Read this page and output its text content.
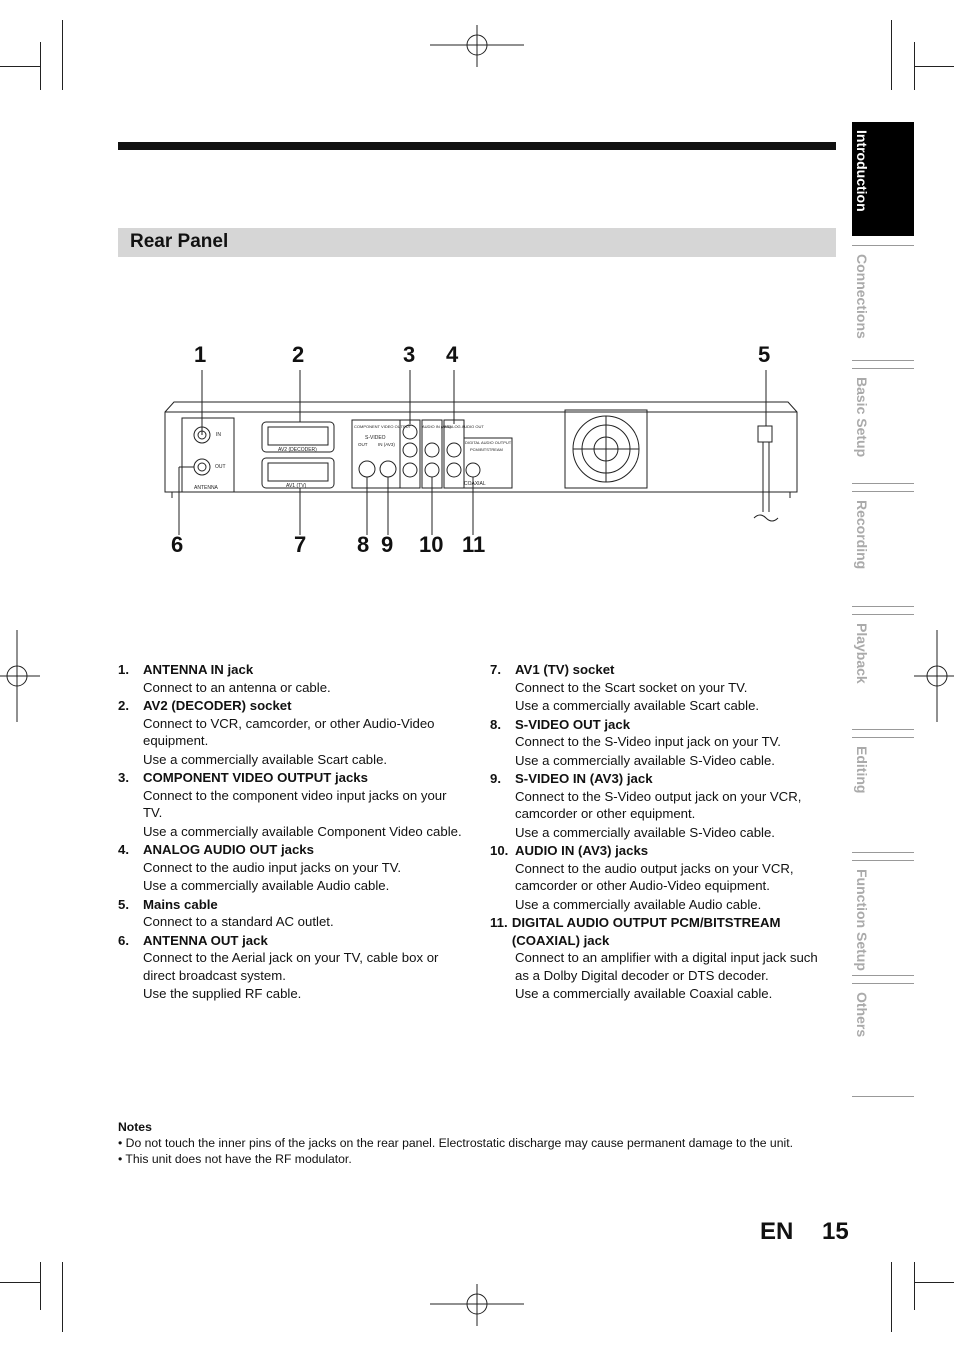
Rear Panel
IN
OUT
ANTENNA
AV2 (DECODER)
AV1 (TV)
COMPONENT VIDEO OUTPUT
S-VIDEO
OUT IN (AV3)
AUDIO IN (AV3)
ANALOG AUDIO OUT
DIGITAL AUDIO OUTPUT
PCM/BITSTREAM
COAXIAL
1	2	3 4	5
6	7 8 9 10 11
1.	ANTENNA IN jack
Connect to an antenna or cable.
2.	AV2 (DECODER) socket
Connect to VCR, camcorder, or other Audio-Video equipment.
Use a commercially available Scart cable.
3.	COMPONENT VIDEO OUTPUT jacks
Connect to the component video input jacks on your TV.
Use a commercially available Component Video cable.
4.	ANALOG AUDIO OUT jacks
Connect to the audio input jacks on your TV.
Use a commercially available Audio cable.
5.	Mains cable
Connect to a standard AC outlet.
6.	ANTENNA OUT jack
Connect to the Aerial jack on your TV, cable box or direct broadcast system.
Use the supplied RF cable.
7.	AV1 (TV) socket
Connect to the Scart socket on your TV.
Use a commercially available Scart cable.
8.	S-VIDEO OUT jack
Connect to the S-Video input jack on your TV.
Use a commercially available S-Video cable.
9.	S-VIDEO IN (AV3) jack
Connect to the S-Video output jack on your VCR, camcorder or other equipment.
Use a commercially available S-Video cable.
10. AUDIO IN (AV3) jacks
Connect to the audio output jacks on your VCR, camcorder or other Audio-Video equipment.
Use a commercially available Audio cable.
11. DIGITAL AUDIO OUTPUT PCM/BITSTREAM (COAXIAL) jack
Connect to an amplifier with a digital input jack such as a Dolby Digital decoder or DTS decoder.
Use a commercially available Coaxial cable.
Notes
• Do not touch the inner pins of the jacks on the rear panel. Electrostatic discharge may cause permanent damage to the unit.
• This unit does not have the RF modulator.
Introduction
Connections
Basic Setup
Recording
Playback
Editing
Function Setup
Others
EN 15
